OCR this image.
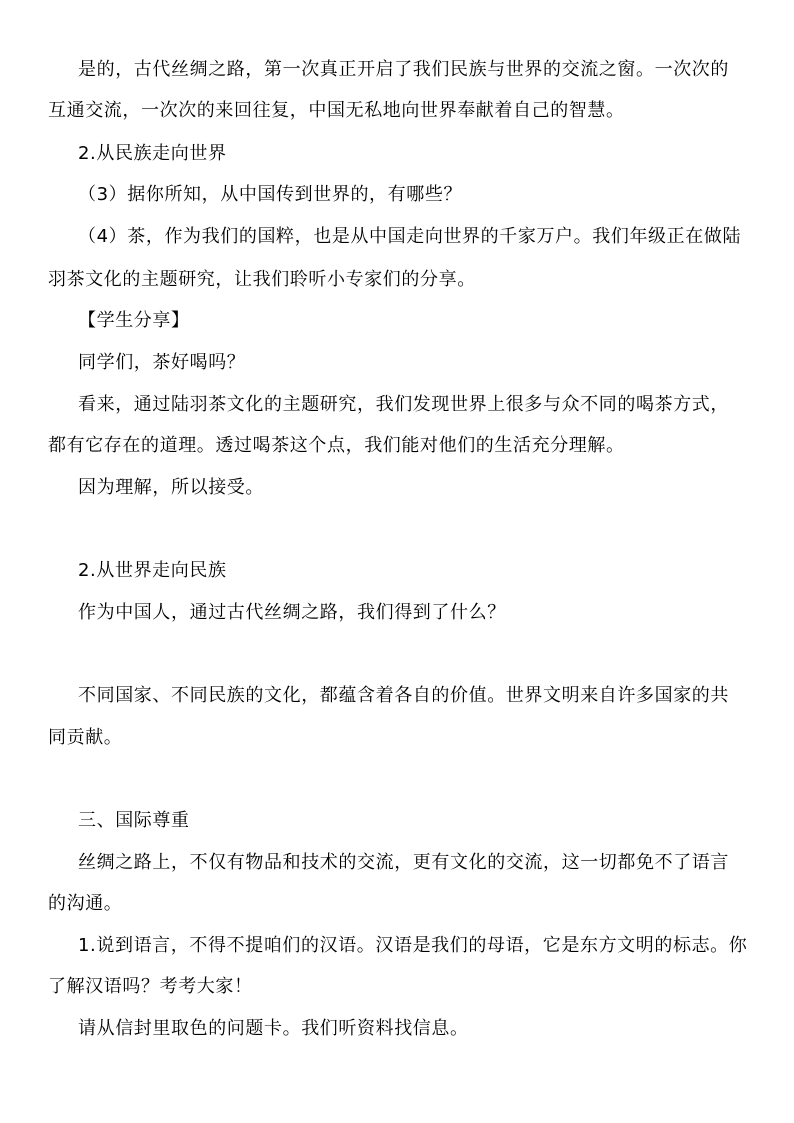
是的，古代丝绸之路，第一次真正开启了我们民族与世界的交流之窗。一次次的
互通交流，一次次的来回往复，中国无私地向世界奉献着自己的智慧。
2.从民族走向世界
（3）据你所知，从中国传到世界的，有哪些？
（4）茶，作为我们的国粹，也是从中国走向世界的千家万户。我们年级正在做陆
羽茶文化的主题研究，让我们聆听小专家们的分享。
【学生分享】
同学们，茶好喝吗？
看来，通过陆羽茶文化的主题研究，我们发现世界上很多与众不同的喝茶方式，
都有它存在的道理。透过喝茶这个点，我们能对他们的生活充分理解。
因为理解，所以接受。
2.从世界走向民族
作为中国人，通过古代丝绸之路，我们得到了什么？
不同国家、不同民族的文化，都蕴含着各自的价值。世界文明来自许多国家的共
同贡献。
三、国际尊重
丝绸之路上，不仅有物品和技术的交流，更有文化的交流，这一切都免不了语言
的沟通。
1.说到语言，不得不提咱们的汉语。汉语是我们的母语，它是东方文明的标志。你
了解汉语吗？考考大家！
请从信封里取色的问题卡。我们听资料找信息。
